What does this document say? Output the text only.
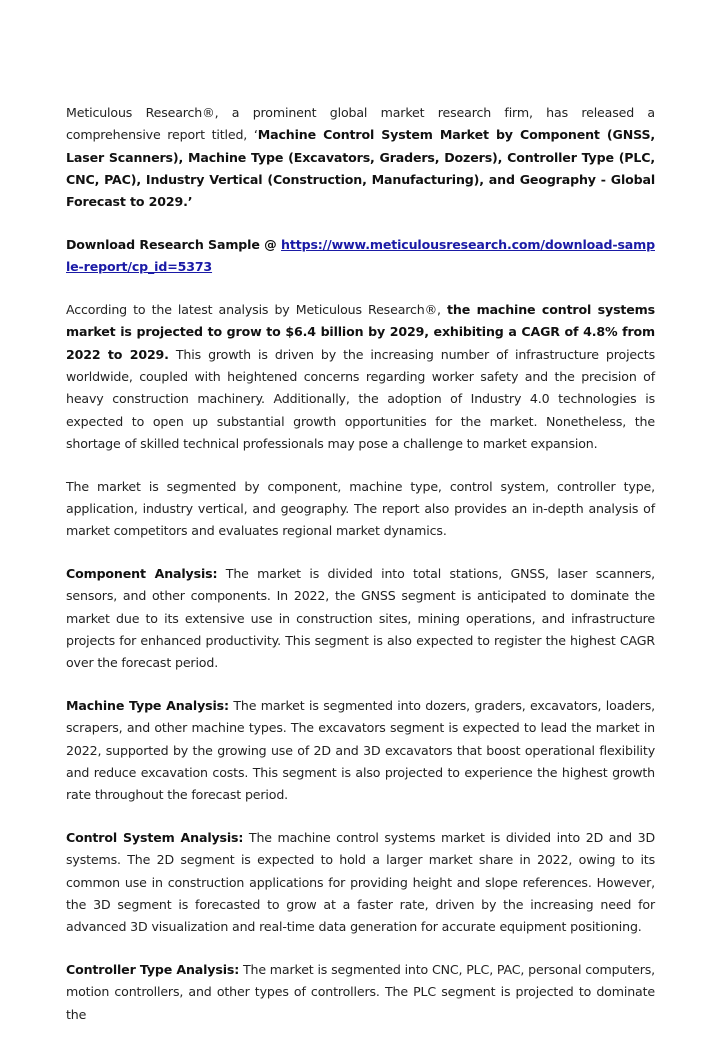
Meticulous Research®, a prominent global market research firm, has released a comprehensive report titled, ‘Machine Control System Market by Component (GNSS, Laser Scanners), Machine Type (Excavators, Graders, Dozers), Controller Type (PLC, CNC, PAC), Industry Vertical (Construction, Manufacturing), and Geography - Global Forecast to 2029.’

Download Research Sample @ https://www.meticulousresearch.com/download-sample-report/cp_id=5373

According to the latest analysis by Meticulous Research®, the machine control systems market is projected to grow to $6.4 billion by 2029, exhibiting a CAGR of 4.8% from 2022 to 2029. This growth is driven by the increasing number of infrastructure projects worldwide, coupled with heightened concerns regarding worker safety and the precision of heavy construction machinery. Additionally, the adoption of Industry 4.0 technologies is expected to open up substantial growth opportunities for the market. Nonetheless, the shortage of skilled technical professionals may pose a challenge to market expansion.

The market is segmented by component, machine type, control system, controller type, application, industry vertical, and geography. The report also provides an in-depth analysis of market competitors and evaluates regional market dynamics.

Component Analysis: The market is divided into total stations, GNSS, laser scanners, sensors, and other components. In 2022, the GNSS segment is anticipated to dominate the market due to its extensive use in construction sites, mining operations, and infrastructure projects for enhanced productivity. This segment is also expected to register the highest CAGR over the forecast period.

Machine Type Analysis: The market is segmented into dozers, graders, excavators, loaders, scrapers, and other machine types. The excavators segment is expected to lead the market in 2022, supported by the growing use of 2D and 3D excavators that boost operational flexibility and reduce excavation costs. This segment is also projected to experience the highest growth rate throughout the forecast period.

Control System Analysis: The machine control systems market is divided into 2D and 3D systems. The 2D segment is expected to hold a larger market share in 2022, owing to its common use in construction applications for providing height and slope references. However, the 3D segment is forecasted to grow at a faster rate, driven by the increasing need for advanced 3D visualization and real-time data generation for accurate equipment positioning.

Controller Type Analysis: The market is segmented into CNC, PLC, PAC, personal computers, motion controllers, and other types of controllers. The PLC segment is projected to dominate the
